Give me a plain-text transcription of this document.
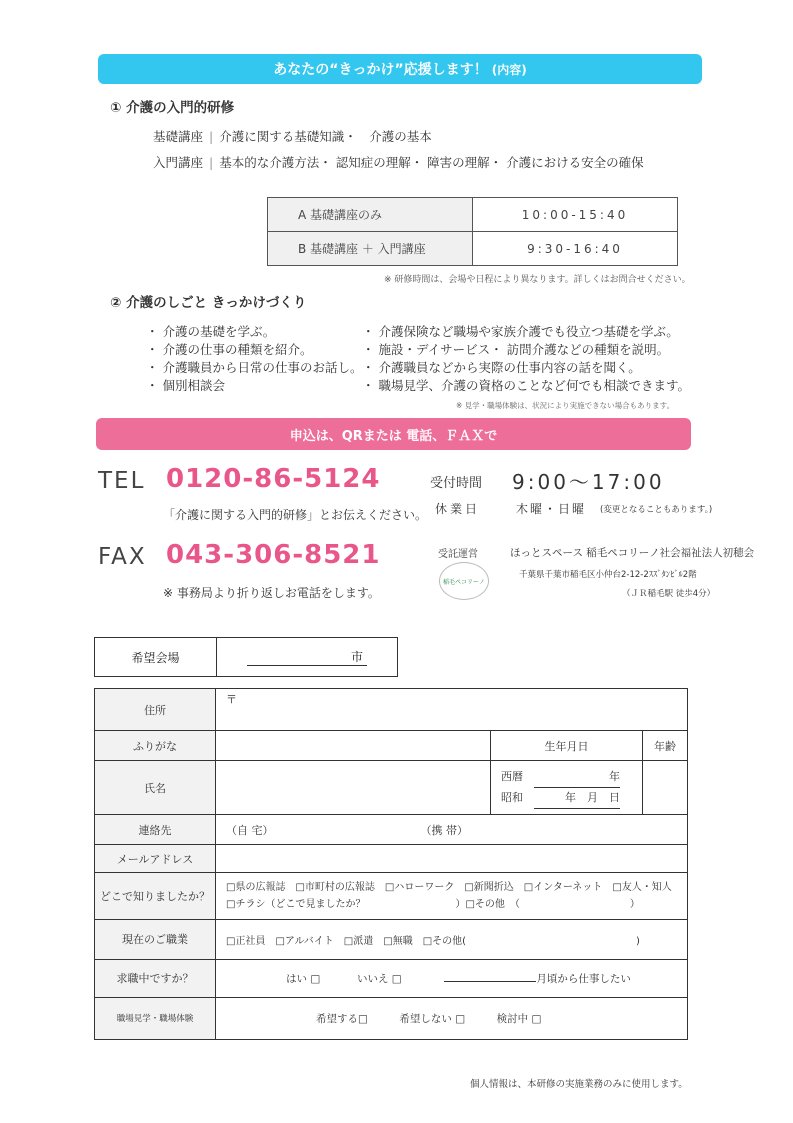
あなたの“きっかけ”応援します！ (内容)
① 介護の入門的研修
基礎講座 | 介護に関する基礎知識・　介護の基本
入門講座 | 基本的な介護方法・ 認知症の理解・ 障害の理解・ 介護における安全の確保
A 基礎講座のみ	10:00-15:40
B 基礎講座 ＋ 入門講座	9:30-16:40
※ 研修時間は、会場や日程により異なります。詳しくはお問合せください。
② 介護のしごと きっかけづくり
・ 介護の基礎を学ぶ。
・ 介護の仕事の種類を紹介。
・ 介護職員から日常の仕事のお話し。
・ 個別相談会
・ 介護保険など職場や家族介護でも役立つ基礎を学ぶ。
・ 施設・デイサービス・ 訪問介護などの種類を説明。
・ 介護職員などから実際の仕事内容の話を聞く。
・ 職場見学、介護の資格のことなど何でも相談できます。
※ 見学・職場体験は、状況により実施できない場合もあります。
申込は、QRまたは 電話、ＦＡＸで
TEL 0120-86-5124
「介護に関する入門的研修」とお伝えください。
受付時間 9:00～17:00
休業日	木曜・日曜 (変更となることもあります。)
FAX 043-306-8521
※ 事務局より折り返しお電話をします。
受託運営	ほっとスペース 稲毛ペコリーノ社会福祉法人初穂会
稲毛ペコリーノ
千葉県千葉市稲毛区小仲台2-12-2ｽｽﾞﾀﾝﾋﾞﾙ2階
（ＪＲ稲毛駅 徒歩4分）
希望会場	市
住所	〒		
ふりがな		生年月日	年齢
氏名		西暦　 年
昭和　 年　月　日	

連絡先	（自 宅） （携 帯）		
メールアドレス			
どこで知りましたか？	□県の広報誌　□市町村の広報誌　□ハローワーク　□新聞折込　□インターネット　□友人・知人
□チラシ（どこで見ましたか？　　　　　　　　　）□その他　（　　　　　　　　　　　）		

現在のご職業	□正社員　□アルバイト　□派遣　□無職　□その他(　　　　　　　　　　　　　　　　　)		
求職中ですか？	はい □ いいえ □ 月頃から仕事したい		
職場見学・職場体験	希望する□　　　希望しない □　　　検討中 □		
個人情報は、本研修の実施業務のみに使用します。
